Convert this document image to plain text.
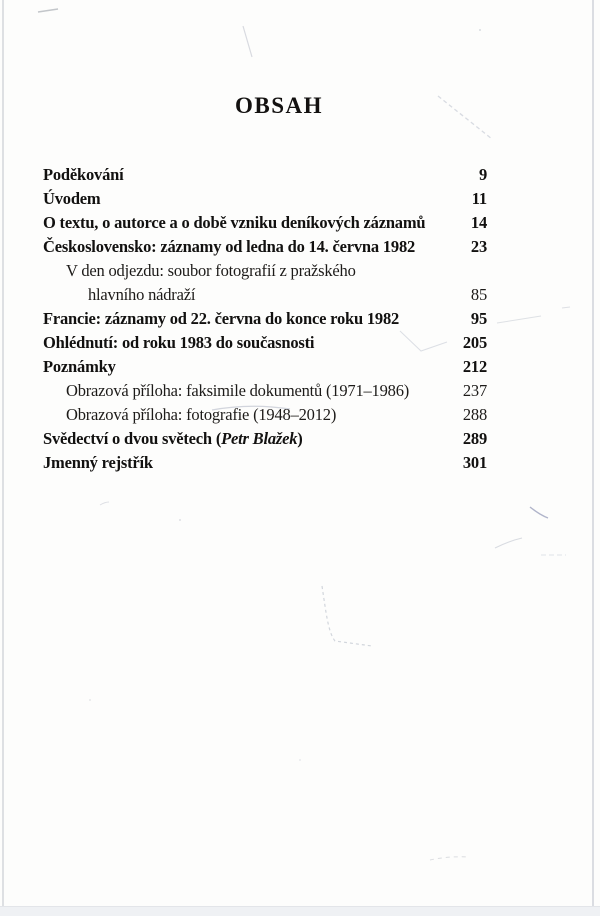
OBSAH
Poděkování	9
Úvodem	11
O textu, o autorce a o době vzniku deníkových záznamů	14
Československo: záznamy od ledna do 14. června 1982	23
V den odjezdu: soubor fotografií z pražského
hlavního nádraží	85
Francie: záznamy od 22. června do konce roku 1982	95
Ohlédnutí: od roku 1983 do současnosti	205
Poznámky	212
Obrazová příloha: faksimile dokumentů (1971–1986)	237
Obrazová příloha: fotografie (1948–2012)	288
Svědectví o dvou světech (Petr Blažek)	289
Jmenný rejstřík	301
